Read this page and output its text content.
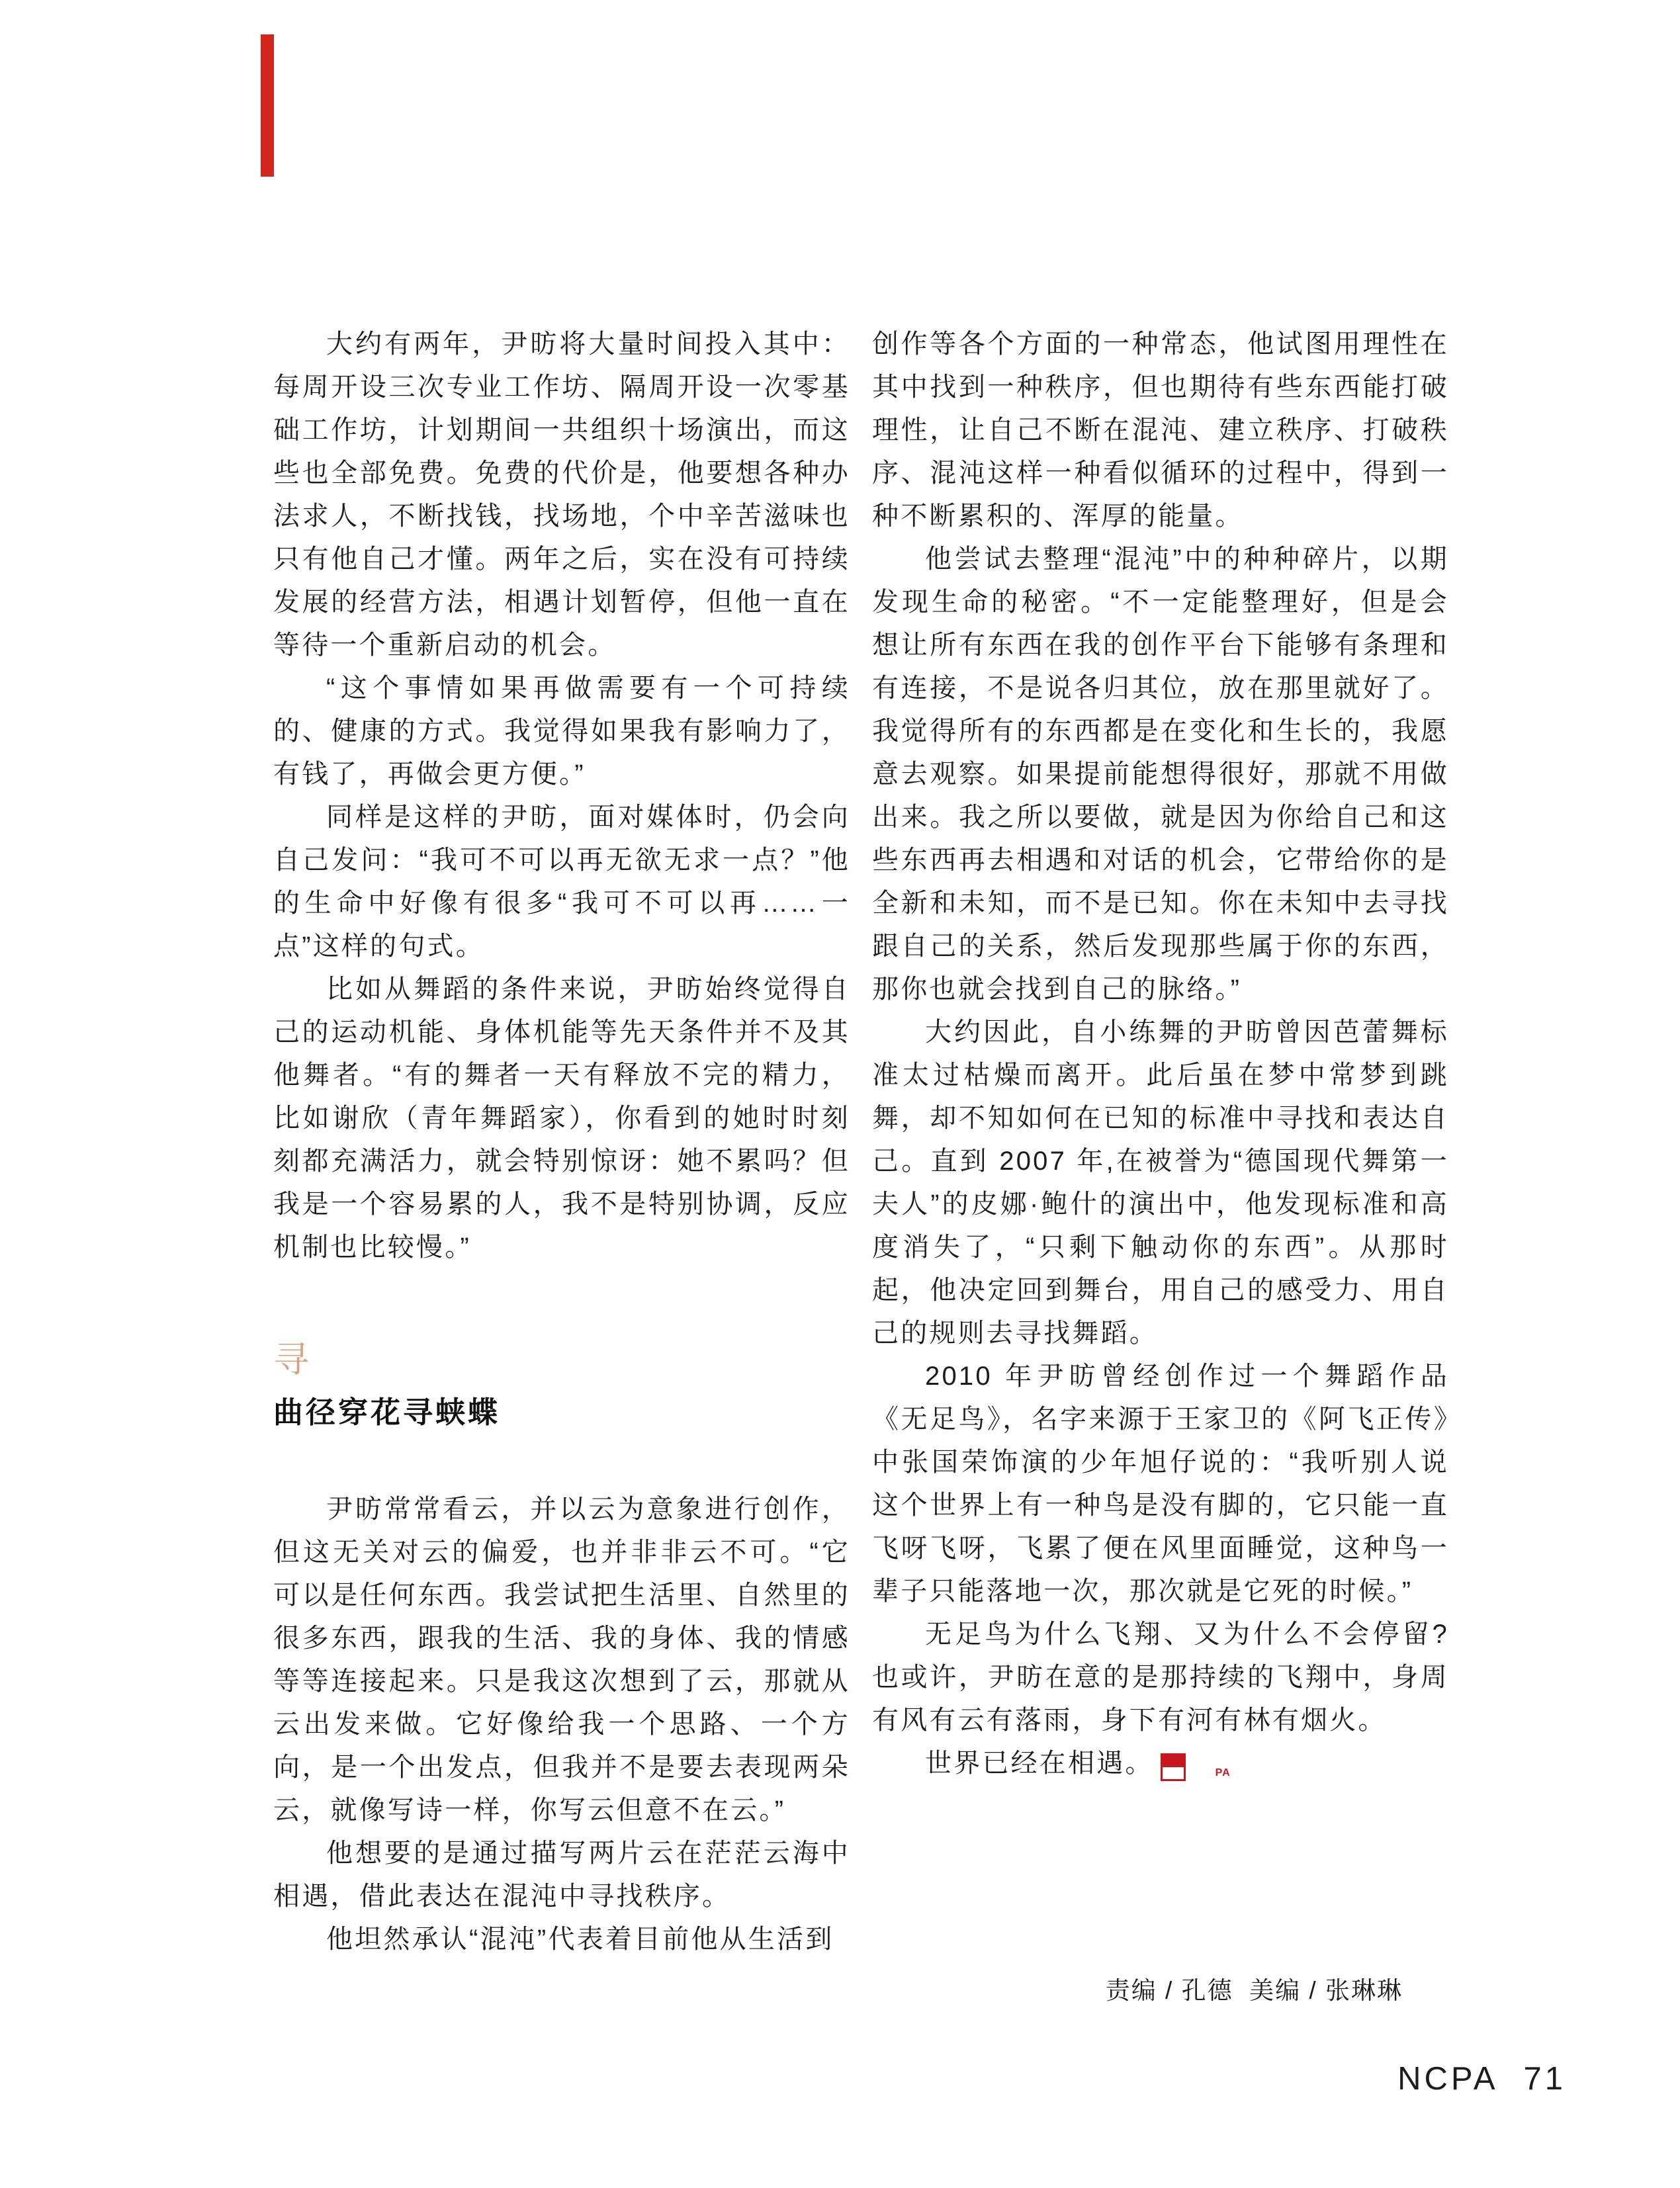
大约有两年，尹昉将大量时间投入其中：每周开设三次专业工作坊、隔周开设一次零基础工作坊，计划期间一共组织十场演出，而这些也全部免费。免费的代价是，他要想各种办法求人，不断找钱，找场地，个中辛苦滋味也只有他自己才懂。两年之后，实在没有可持续发展的经营方法，相遇计划暂停，但他一直在等待一个重新启动的机会。

“这个事情如果再做需要有一个可持续的、健康的方式。我觉得如果我有影响力了，有钱了，再做会更方便。”

同样是这样的尹昉，面对媒体时，仍会向自己发问：“我可不可以再无欲无求一点？”他的生命中好像有很多“我可不可以再……一点”这样的句式。

比如从舞蹈的条件来说，尹昉始终觉得自己的运动机能、身体机能等先天条件并不及其他舞者。“有的舞者一天有释放不完的精力，比如谢欣（青年舞蹈家），你看到的她时时刻刻都充满活力，就会特别惊讶：她不累吗？但我是一个容易累的人，我不是特别协调，反应机制也比较慢。”

寻
曲径穿花寻蛱蝶

尹昉常常看云，并以云为意象进行创作，但这无关对云的偏爱，也并非非云不可。“它可以是任何东西。我尝试把生活里、自然里的很多东西，跟我的生活、我的身体、我的情感等等连接起来。只是我这次想到了云，那就从云出发来做。它好像给我一个思路、一个方向，是一个出发点，但我并不是要去表现两朵云，就像写诗一样，你写云但意不在云。”

他想要的是通过描写两片云在茫茫云海中相遇，借此表达在混沌中寻找秩序。

他坦然承认“混沌”代表着目前他从生活到

创作等各个方面的一种常态，他试图用理性在其中找到一种秩序，但也期待有些东西能打破理性，让自己不断在混沌、建立秩序、打破秩序、混沌这样一种看似循环的过程中，得到一种不断累积的、浑厚的能量。

他尝试去整理“混沌”中的种种碎片，以期发现生命的秘密。“不一定能整理好，但是会想让所有东西在我的创作平台下能够有条理和有连接，不是说各归其位，放在那里就好了。我觉得所有的东西都是在变化和生长的，我愿意去观察。如果提前能想得很好，那就不用做出来。我之所以要做，就是因为你给自己和这些东西再去相遇和对话的机会，它带给你的是全新和未知，而不是已知。你在未知中去寻找跟自己的关系，然后发现那些属于你的东西，那你也就会找到自己的脉络。”

大约因此，自小练舞的尹昉曾因芭蕾舞标准太过枯燥而离开。此后虽在梦中常梦到跳舞，却不知如何在已知的标准中寻找和表达自己。直到 2007 年,在被誉为“德国现代舞第一夫人”的皮娜·鲍什的演出中，他发现标准和高度消失了，“只剩下触动你的东西”。从那时起，他决定回到舞台，用自己的感受力、用自己的规则去寻找舞蹈。

2010 年尹昉曾经创作过一个舞蹈作品《无足鸟》，名字来源于王家卫的《阿飞正传》中张国荣饰演的少年旭仔说的：“我听别人说这个世界上有一种鸟是没有脚的，它只能一直飞呀飞呀，飞累了便在风里面睡觉，这种鸟一辈子只能落地一次，那次就是它死的时候。”

无足鸟为什么飞翔、又为什么不会停留? 也或许，尹昉在意的是那持续的飞翔中，身周有风有云有落雨，身下有河有林有烟火。

世界已经在相遇。	NC
PA

责编 / 孔德  美编 / 张琳琳
NCPA 71
